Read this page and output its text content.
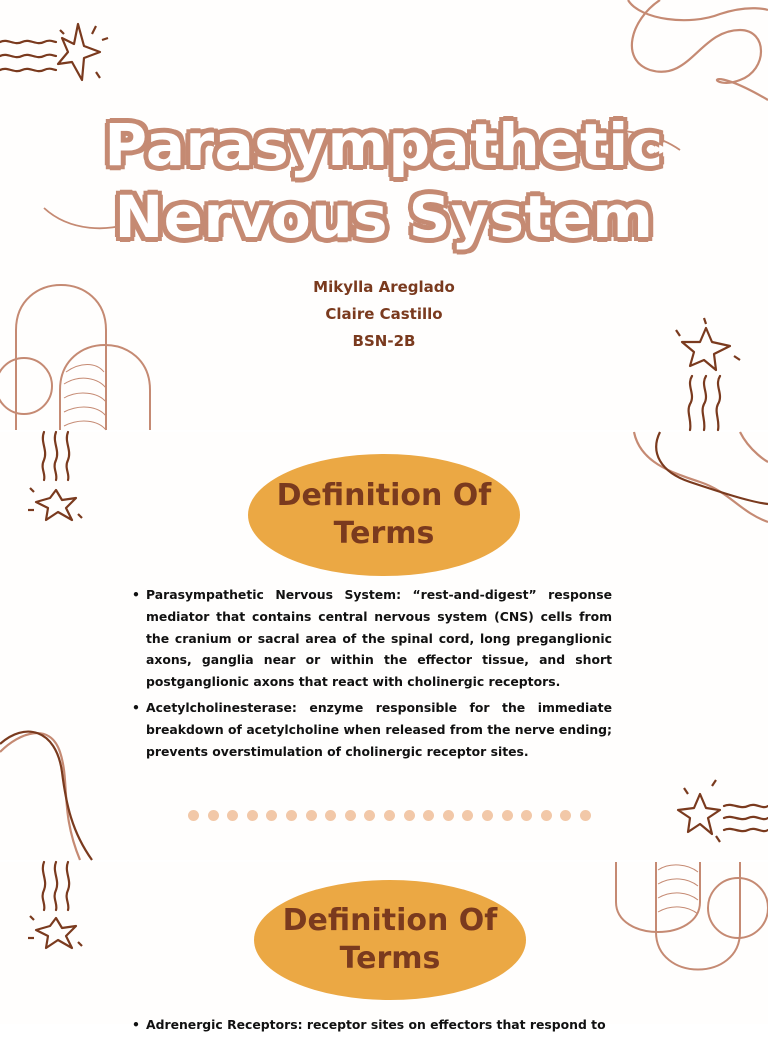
Parasympathetic
Nervous System
Mikylla Areglado
Claire Castillo
BSN-2B
Definition Of
Terms
• Parasympathetic Nervous System: “rest-and-digest” response mediator that contains central nervous system (CNS) cells from the cranium or sacral area of the spinal cord, long preganglionic axons, ganglia near or within the effector tissue, and short postganglionic axons that react with cholinergic receptors.
• Acetylcholinesterase: enzyme responsible for the immediate breakdown of acetylcholine when released from the nerve ending; prevents overstimulation of cholinergic receptor sites.
Definition Of
Terms
• Adrenergic Receptors: receptor sites on effectors that respond to
